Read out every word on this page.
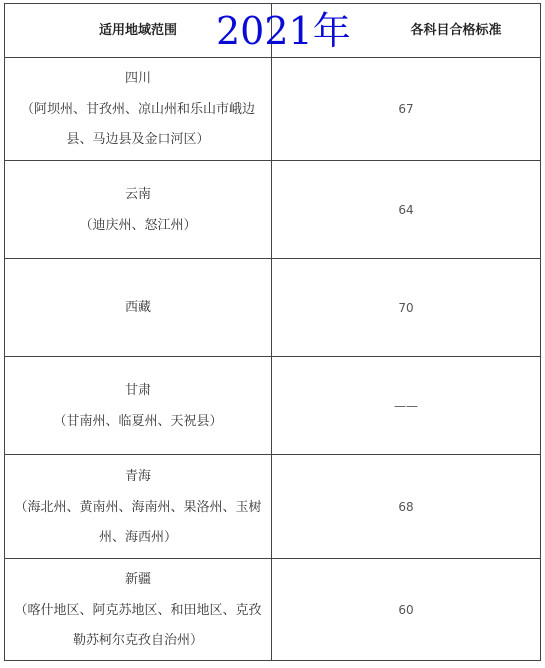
适用地域范围	各科目合格标准

四川
（阿坝州、甘孜州、凉山州和乐山市峨边县、马边县及金口河区）	67

云南
（迪庆州、怒江州）	64

西藏	70

甘肃
（甘南州、临夏州、天祝县）	——

青海
（海北州、黄南州、海南州、果洛州、玉树州、海西州）	68

新疆
（喀什地区、阿克苏地区、和田地区、克孜勒苏柯尔克孜自治州）	60
2021年
